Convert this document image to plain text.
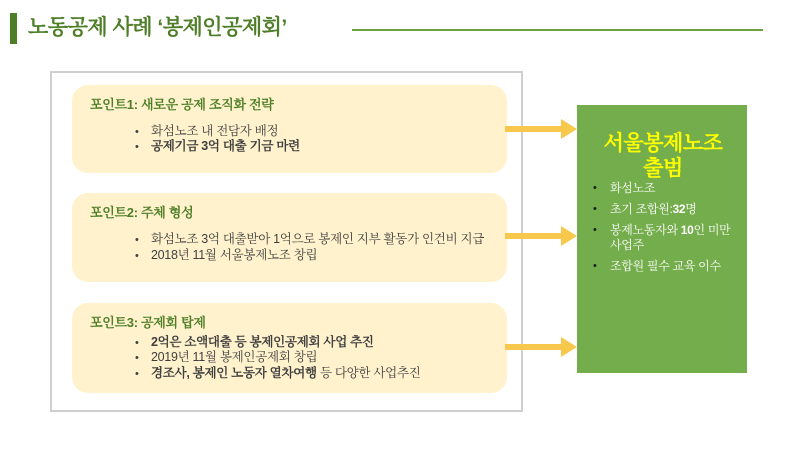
노동공제 사례 ‘봉제인공제회’
포인트1: 새로운 공제 조직화 전략
• 화섬노조 내 전담자 배정
• 공제기금 3억 대출 기금 마련
포인트2: 주체 형성
• 화섬노조 3억 대출받아 1억으로 봉제인 지부 활동가 인건비 지급
• 2018년 11월 서울봉제노조 창립
포인트3: 공제회 탑제
• 2억은 소액대출 등 봉제인공제회 사업 추진
• 2019년 11월 봉제인공제회 창립
• 경조사, 봉제인 노동자 열차여행 등 다양한 사업추진
서울봉제노조
출범
• 화섬노조
• 초기 조합원:32명
• 봉제노동자와 10인 미만 사업주
• 조합원 필수 교육 이수
